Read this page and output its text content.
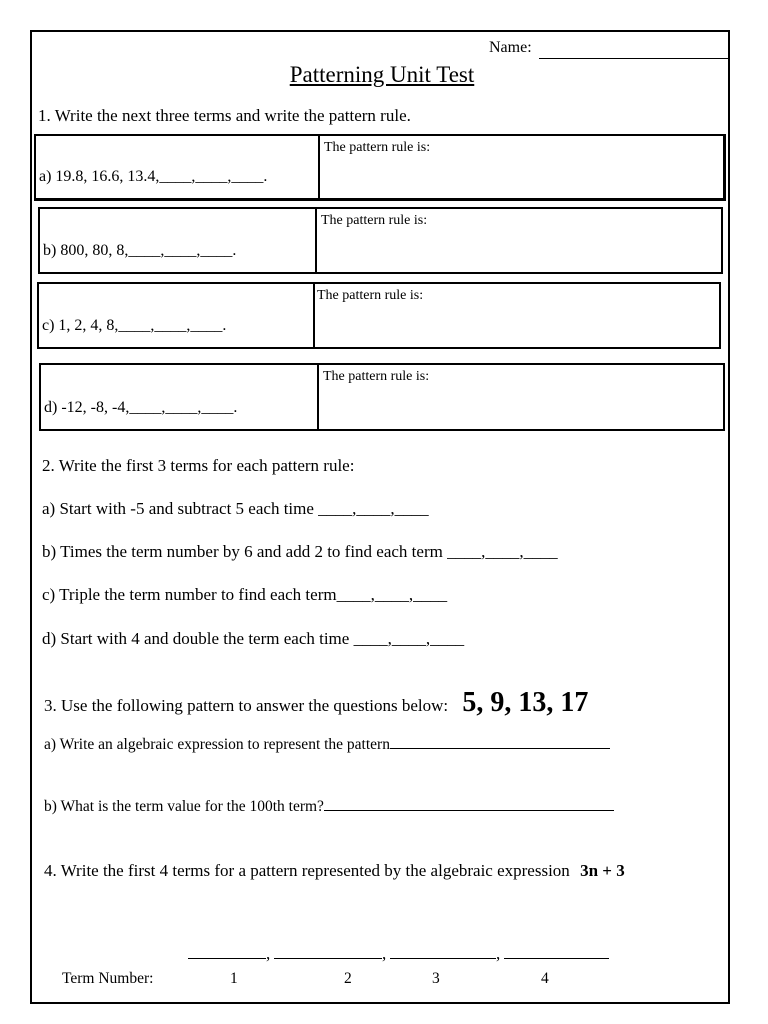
Name:
Patterning Unit Test
1. Write the next three terms and write the pattern rule.
a) 19.8, 16.6, 13.4,____,____,____.
The pattern rule is:
b) 800, 80, 8,____,____,____.
The pattern rule is:
c) 1, 2, 4, 8,____,____,____.
The pattern rule is:
d) -12, -8, -4,____,____,____.
The pattern rule is:
2. Write the first 3 terms for each pattern rule:
a) Start with -5 and subtract 5 each time ____,____,____
b) Times the term number by 6 and add 2 to find each term ____,____,____
c) Triple the term number to find each term____,____,____
d) Start with 4 and double the term each time ____,____,____
3. Use the following pattern to answer the questions below: 5, 9, 13, 17
a) Write an algebraic expression to represent the pattern
b) What is the term value for the 100th term?
4. Write the first 4 terms for a pattern represented by the algebraic expression 3n + 3
,	,	,
Term Number:	1	2	3	4
